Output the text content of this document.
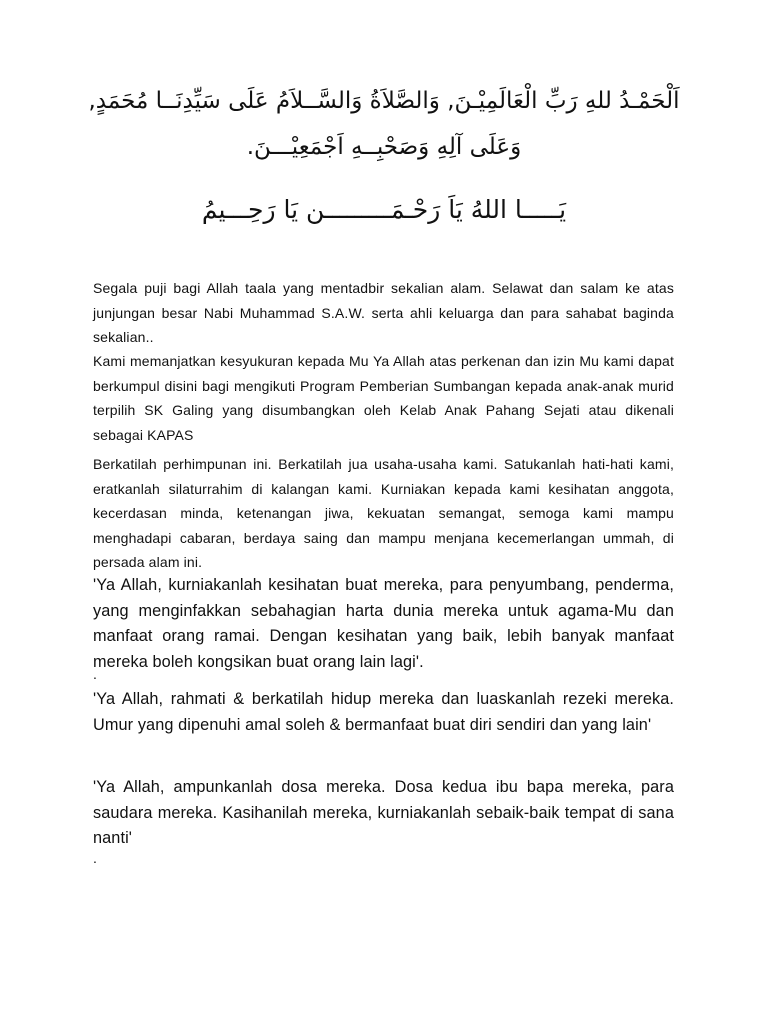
اَلْحَمْـدُ للهِ رَبِّ الْعَالَمِيْـنَ, وَالصَّلاَةُ وَالسَّــلاَمُ عَلَى سَيِّدِنَــا مُحَمَدٍ,
وَعَلَى آلِهِ وَصَحْبِــهِ اَجْمَعِيْـــنَ.
يَـــــا اللهُ يَاَ رَحْـمَـــــــــن يَا رَحِـــيمُ

Segala puji bagi Allah taala yang mentadbir sekalian alam. Selawat dan salam ke atas junjungan besar Nabi Muhammad S.A.W. serta ahli keluarga dan para sahabat baginda sekalian..

Kami memanjatkan kesyukuran kepada Mu Ya Allah atas perkenan dan izin Mu kami dapat berkumpul disini bagi mengikuti Program Pemberian Sumbangan kepada anak-anak murid terpilih SK Galing yang disumbangkan oleh Kelab Anak Pahang Sejati atau dikenali sebagai KAPAS

Berkatilah perhimpunan ini. Berkatilah jua usaha-usaha kami. Satukanlah hati-hati kami, eratkanlah silaturrahim di kalangan kami. Kurniakan kepada kami kesihatan anggota, kecerdasan minda, ketenangan jiwa, kekuatan semangat, semoga kami mampu menghadapi cabaran, berdaya saing dan mampu menjana kecemerlangan ummah, di persada alam ini.

'Ya Allah, kurniakanlah kesihatan buat mereka, para penyumbang, penderma, yang menginfakkan sebahagian harta dunia mereka untuk agama-Mu dan manfaat orang ramai. Dengan kesihatan yang baik, lebih banyak manfaat mereka boleh kongsikan buat orang lain lagi'.

.

'Ya Allah, rahmati & berkatilah hidup mereka dan luaskanlah rezeki mereka. Umur yang dipenuhi amal soleh & bermanfaat buat diri sendiri dan yang lain'

'Ya Allah, ampunkanlah dosa mereka. Dosa kedua ibu bapa mereka, para saudara mereka. Kasihanilah mereka, kurniakanlah sebaik-baik tempat di sana nanti'

.
